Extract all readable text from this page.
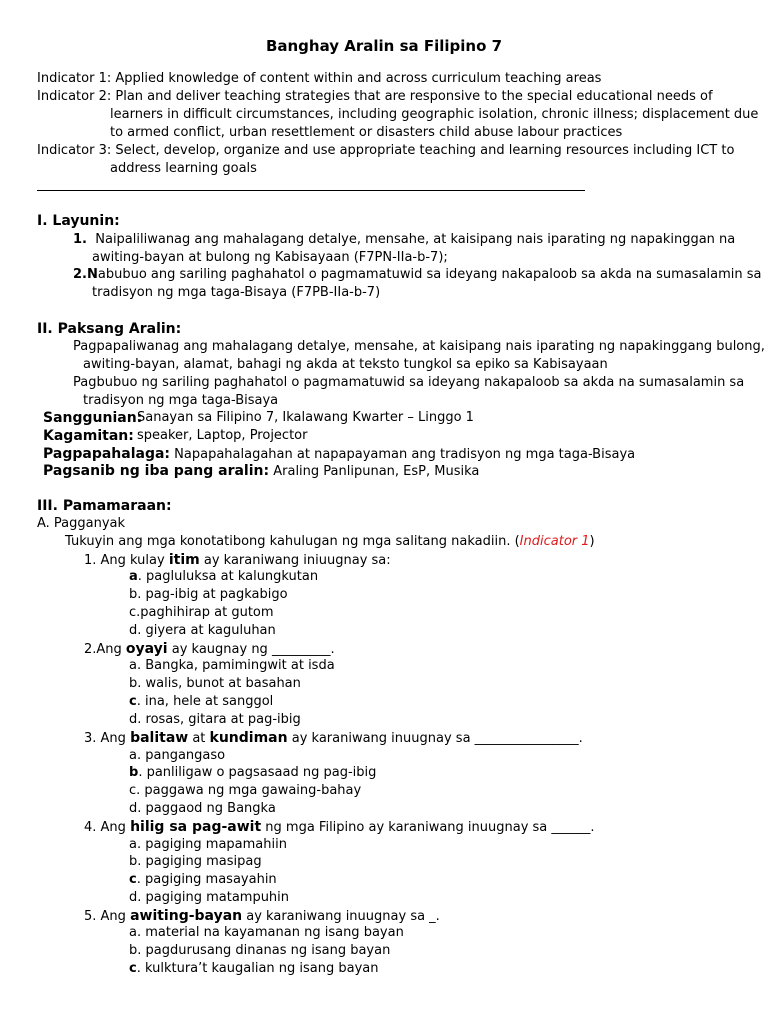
Banghay Aralin sa Filipino 7
Indicator 1: Applied knowledge of content within and across curriculum teaching areas
Indicator 2: Plan and deliver teaching strategies that are responsive to the special educational needs of
learners in difficult circumstances, including geographic isolation, chronic illness; displacement due
to armed conflict, urban resettlement or disasters child abuse labour practices
Indicator 3: Select, develop, organize and use appropriate teaching and learning resources including ICT to
address learning goals
I. Layunin:
1. Naipaliliwanag ang mahalagang detalye, mensahe, at kaisipang nais iparating ng napakinggan na
awiting-bayan at bulong ng Kabisayaan (F7PN-IIa-b-7);
2.Nabubuo ang sariling paghahatol o pagmamatuwid sa ideyang nakapaloob sa akda na sumasalamin sa
tradisyon ng mga taga-Bisaya (F7PB-IIa-b-7)
II. Paksang Aralin:
Pagpapaliwanag ang mahalagang detalye, mensahe, at kaisipang nais iparating ng napakinggang bulong,
awiting-bayan, alamat, bahagi ng akda at teksto tungkol sa epiko sa Kabisayaan
Pagbubuo ng sariling paghahatol o pagmamatuwid sa ideyang nakapaloob sa akda na sumasalamin sa
tradisyon ng mga taga-Bisaya
Sanggunian:
Sanayan sa Filipino 7, Ikalawang Kwarter – Linggo 1
Kagamitan: speaker, Laptop, Projector
Pagpapahalaga: Napapahalagahan at napapayaman ang tradisyon ng mga taga-Bisaya
Pagsanib ng iba pang aralin: Araling Panlipunan, EsP, Musika
III. Pamamaraan:
A. Pagganyak
Tukuyin ang mga konotatibong kahulugan ng mga salitang nakadiin. (Indicator 1)
1. Ang kulay itim ay karaniwang iniuugnay sa:
a. pagluluksa at kalungkutan
b. pag-ibig at pagkabigo
c.paghihirap at gutom
d. giyera at kaguluhan
2.Ang oyayi ay kaugnay ng _________.
a. Bangka, pamimingwit at isda
b. walis, bunot at basahan
c. ina, hele at sanggol
d. rosas, gitara at pag-ibig
3. Ang balitaw at kundiman ay karaniwang inuugnay sa ________________.
a. pangangaso
b. panliligaw o pagsasaad ng pag-ibig
c. paggawa ng mga gawaing-bahay
d. paggaod ng Bangka
4. Ang hilig sa pag-awit ng mga Filipino ay karaniwang inuugnay sa ______.
a. pagiging mapamahiin
b. pagiging masipag
c. pagiging masayahin
d. pagiging matampuhin
5. Ang awiting-bayan ay karaniwang inuugnay sa _.
a. material na kayamanan ng isang bayan
b. pagdurusang dinanas ng isang bayan
c. kulktura’t kaugalian ng isang bayan
